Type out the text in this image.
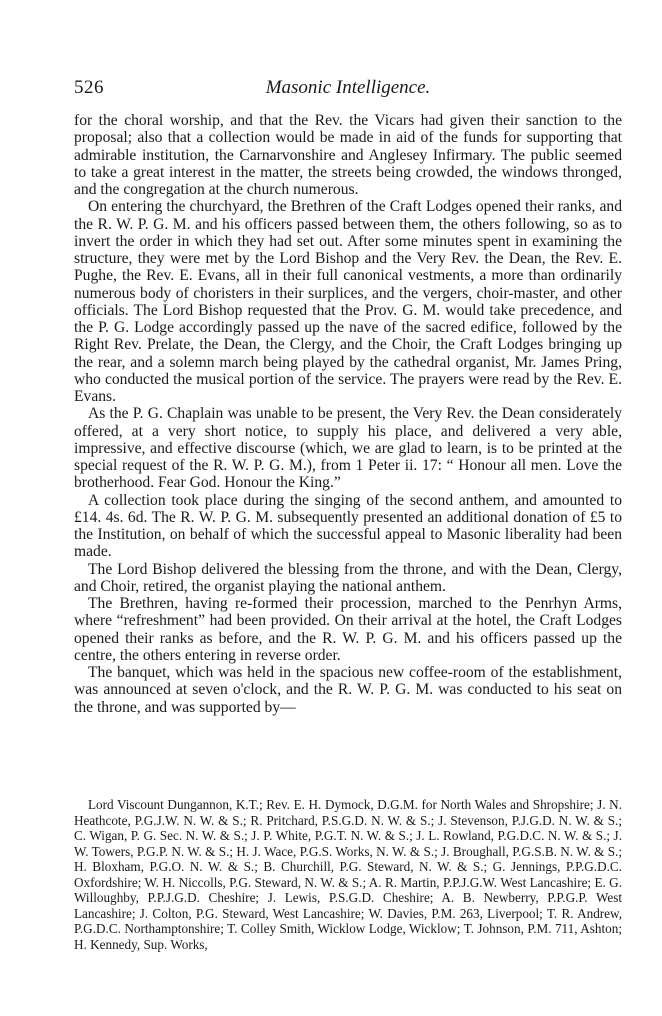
526	Masonic Intelligence.

for the choral worship, and that the Rev. the Vicars had given their sanction to the proposal; also that a collection would be made in aid of the funds for supporting that admirable institution, the Carnarvonshire and Anglesey Infirmary. The public seemed to take a great interest in the matter, the streets being crowded, the windows thronged, and the congregation at the church numerous.

On entering the churchyard, the Brethren of the Craft Lodges opened their ranks, and the R. W. P. G. M. and his officers passed between them, the others following, so as to invert the order in which they had set out. After some minutes spent in examining the structure, they were met by the Lord Bishop and the Very Rev. the Dean, the Rev. E. Pughe, the Rev. E. Evans, all in their full canonical vestments, a more than ordinarily numerous body of choristers in their surplices, and the vergers, choir-master, and other officials. The Lord Bishop requested that the Prov. G. M. would take precedence, and the P. G. Lodge accordingly passed up the nave of the sacred edifice, followed by the Right Rev. Prelate, the Dean, the Clergy, and the Choir, the Craft Lodges bringing up the rear, and a solemn march being played by the cathedral organist, Mr. James Pring, who conducted the musical portion of the service. The prayers were read by the Rev. E. Evans.

As the P. G. Chaplain was unable to be present, the Very Rev. the Dean considerately offered, at a very short notice, to supply his place, and delivered a very able, impressive, and effective discourse (which, we are glad to learn, is to be printed at the special request of the R. W. P. G. M.), from 1 Peter ii. 17: “ Honour all men. Love the brotherhood. Fear God. Honour the King.”

A collection took place during the singing of the second anthem, and amounted to £14. 4s. 6d. The R. W. P. G. M. subsequently presented an additional donation of £5 to the Institution, on behalf of which the successful appeal to Masonic liberality had been made.

The Lord Bishop delivered the blessing from the throne, and with the Dean, Clergy, and Choir, retired, the organist playing the national anthem.

The Brethren, having re-formed their procession, marched to the Penrhyn Arms, where “refreshment” had been provided. On their arrival at the hotel, the Craft Lodges opened their ranks as before, and the R. W. P. G. M. and his officers passed up the centre, the others entering in reverse order.

The banquet, which was held in the spacious new coffee-room of the establishment, was announced at seven o'clock, and the R. W. P. G. M. was conducted to his seat on the throne, and was supported by—

Lord Viscount Dungannon, K.T.; Rev. E. H. Dymock, D.G.M. for North Wales and Shropshire; J. N. Heathcote, P.G.J.W. N. W. & S.; R. Pritchard, P.S.G.D. N. W. & S.; J. Stevenson, P.J.G.D. N. W. & S.; C. Wigan, P. G. Sec. N. W. & S.; J. P. White, P.G.T. N. W. & S.; J. L. Rowland, P.G.D.C. N. W. & S.; J. W. Towers, P.G.P. N. W. & S.; H. J. Wace, P.G.S. Works, N. W. & S.; J. Broughall, P.G.S.B. N. W. & S.; H. Bloxham, P.G.O. N. W. & S.; B. Churchill, P.G. Steward, N. W. & S.; G. Jennings, P.P.G.D.C. Oxfordshire; W. H. Niccolls, P.G. Steward, N. W. & S.; A. R. Martin, P.P.J.G.W. West Lancashire; E. G. Willoughby, P.P.J.G.D. Cheshire; J. Lewis, P.S.G.D. Cheshire; A. B. Newberry, P.P.G.P. West Lancashire; J. Colton, P.G. Steward, West Lancashire; W. Davies, P.M. 263, Liverpool; T. R. Andrew, P.G.D.C. Northamptonshire; T. Colley Smith, Wicklow Lodge, Wicklow; T. Johnson, P.M. 711, Ashton; H. Kennedy, Sup. Works,
